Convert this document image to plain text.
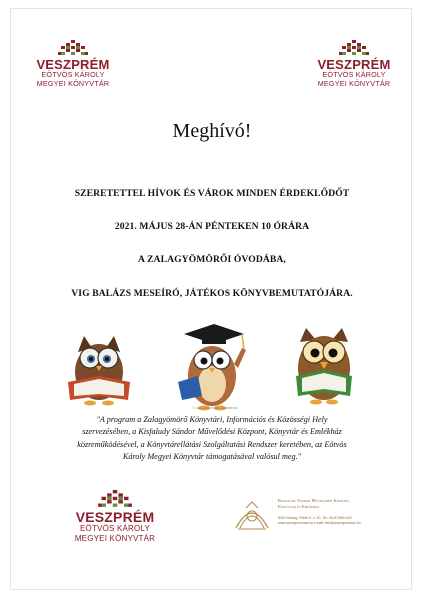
VESZPRÉM
EÖTVÖS KÁROLY
MEGYEI KÖNYVTÁR
VESZPRÉM
EÖTVÖS KÁROLY
MEGYEI KÖNYVTÁR
Meghívó!
SZERETETTEL HÍVOK ÉS VÁROK MINDEN ÉRDEKLŐDŐT
2021. MÁJUS 28-ÁN PÉNTEKEN 10 ÓRÁRA
A ZALAGYÖMÖRŐI ÓVODÁBA,
VIG BALÁZS MESEÍRÓ, JÁTÉKOS KÖNYVBEMUTATÓJÁRA.
© Can Stock Photo - csp8465742
"A program a Zalagyömörő Könyvtári, Információs és Közösségi Hely szervezésében, a Kisfaludy Sándor Művelődési Központ, Könyvtár és Emlékház közreműködésével, a Könyvtárellátási Szolgáltatási Rendszer keretében, az Eötvös Károly Megyei Könyvtár támogatásával valósul meg."
VESZPRÉM
EÖTVÖS KÁROLY
MEGYEI KÖNYVTÁR
Kisfaludy Sándor Művelődési Központ,
Könyvtár és Emlékház
8300 Sümeg, Petőfi S. u. 20. Tel.: 06-87/550-150
www.sumegmuvhaz.hu e-mail: info@sumegmuvhaz.hu
